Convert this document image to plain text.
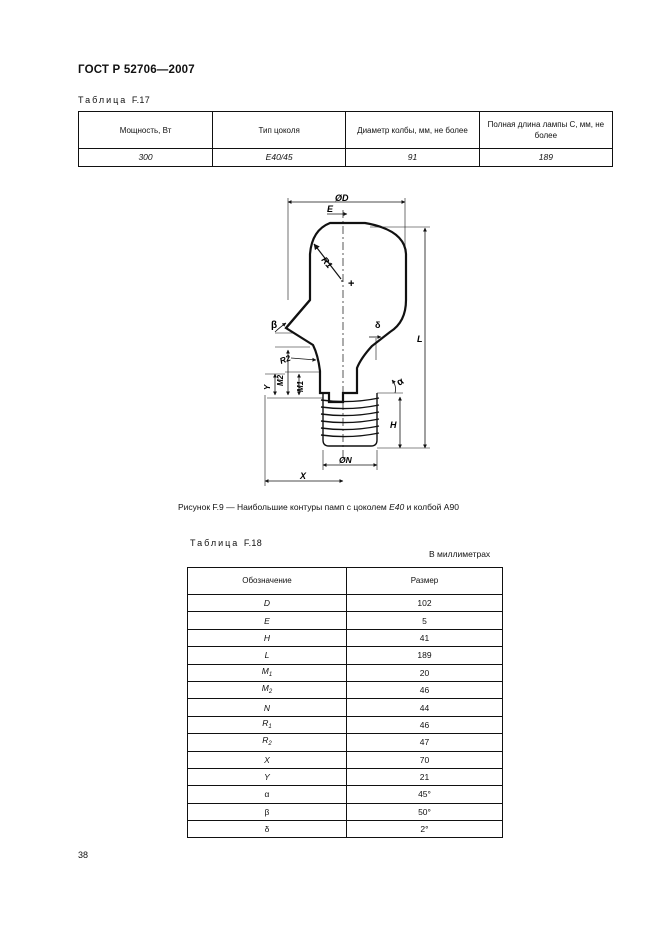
ГОСТ Р 52706—2007
Таблица F.17
Мощность, Вт	Тип цоколя	Диаметр колбы, мм, не более	Полная длина лампы С, мм, не более
300	E40/45	91	189
+
ØD
E
R1
L
β	δ
α
R2
M2
M1
Y
H
ØN
X
Рисунок F.9 — Наибольшие контуры памп с цоколем E40 и колбой A90
Таблица F.18
В миллиметрах
Обозначение	Размер
D	102
E	5
H	41
L	189
$M_1$	20
$M_2$	46
N	44
$R_1$	46
$R_2$	47
X	70
Y	21
α	45°
β	50°
δ	2°
38
